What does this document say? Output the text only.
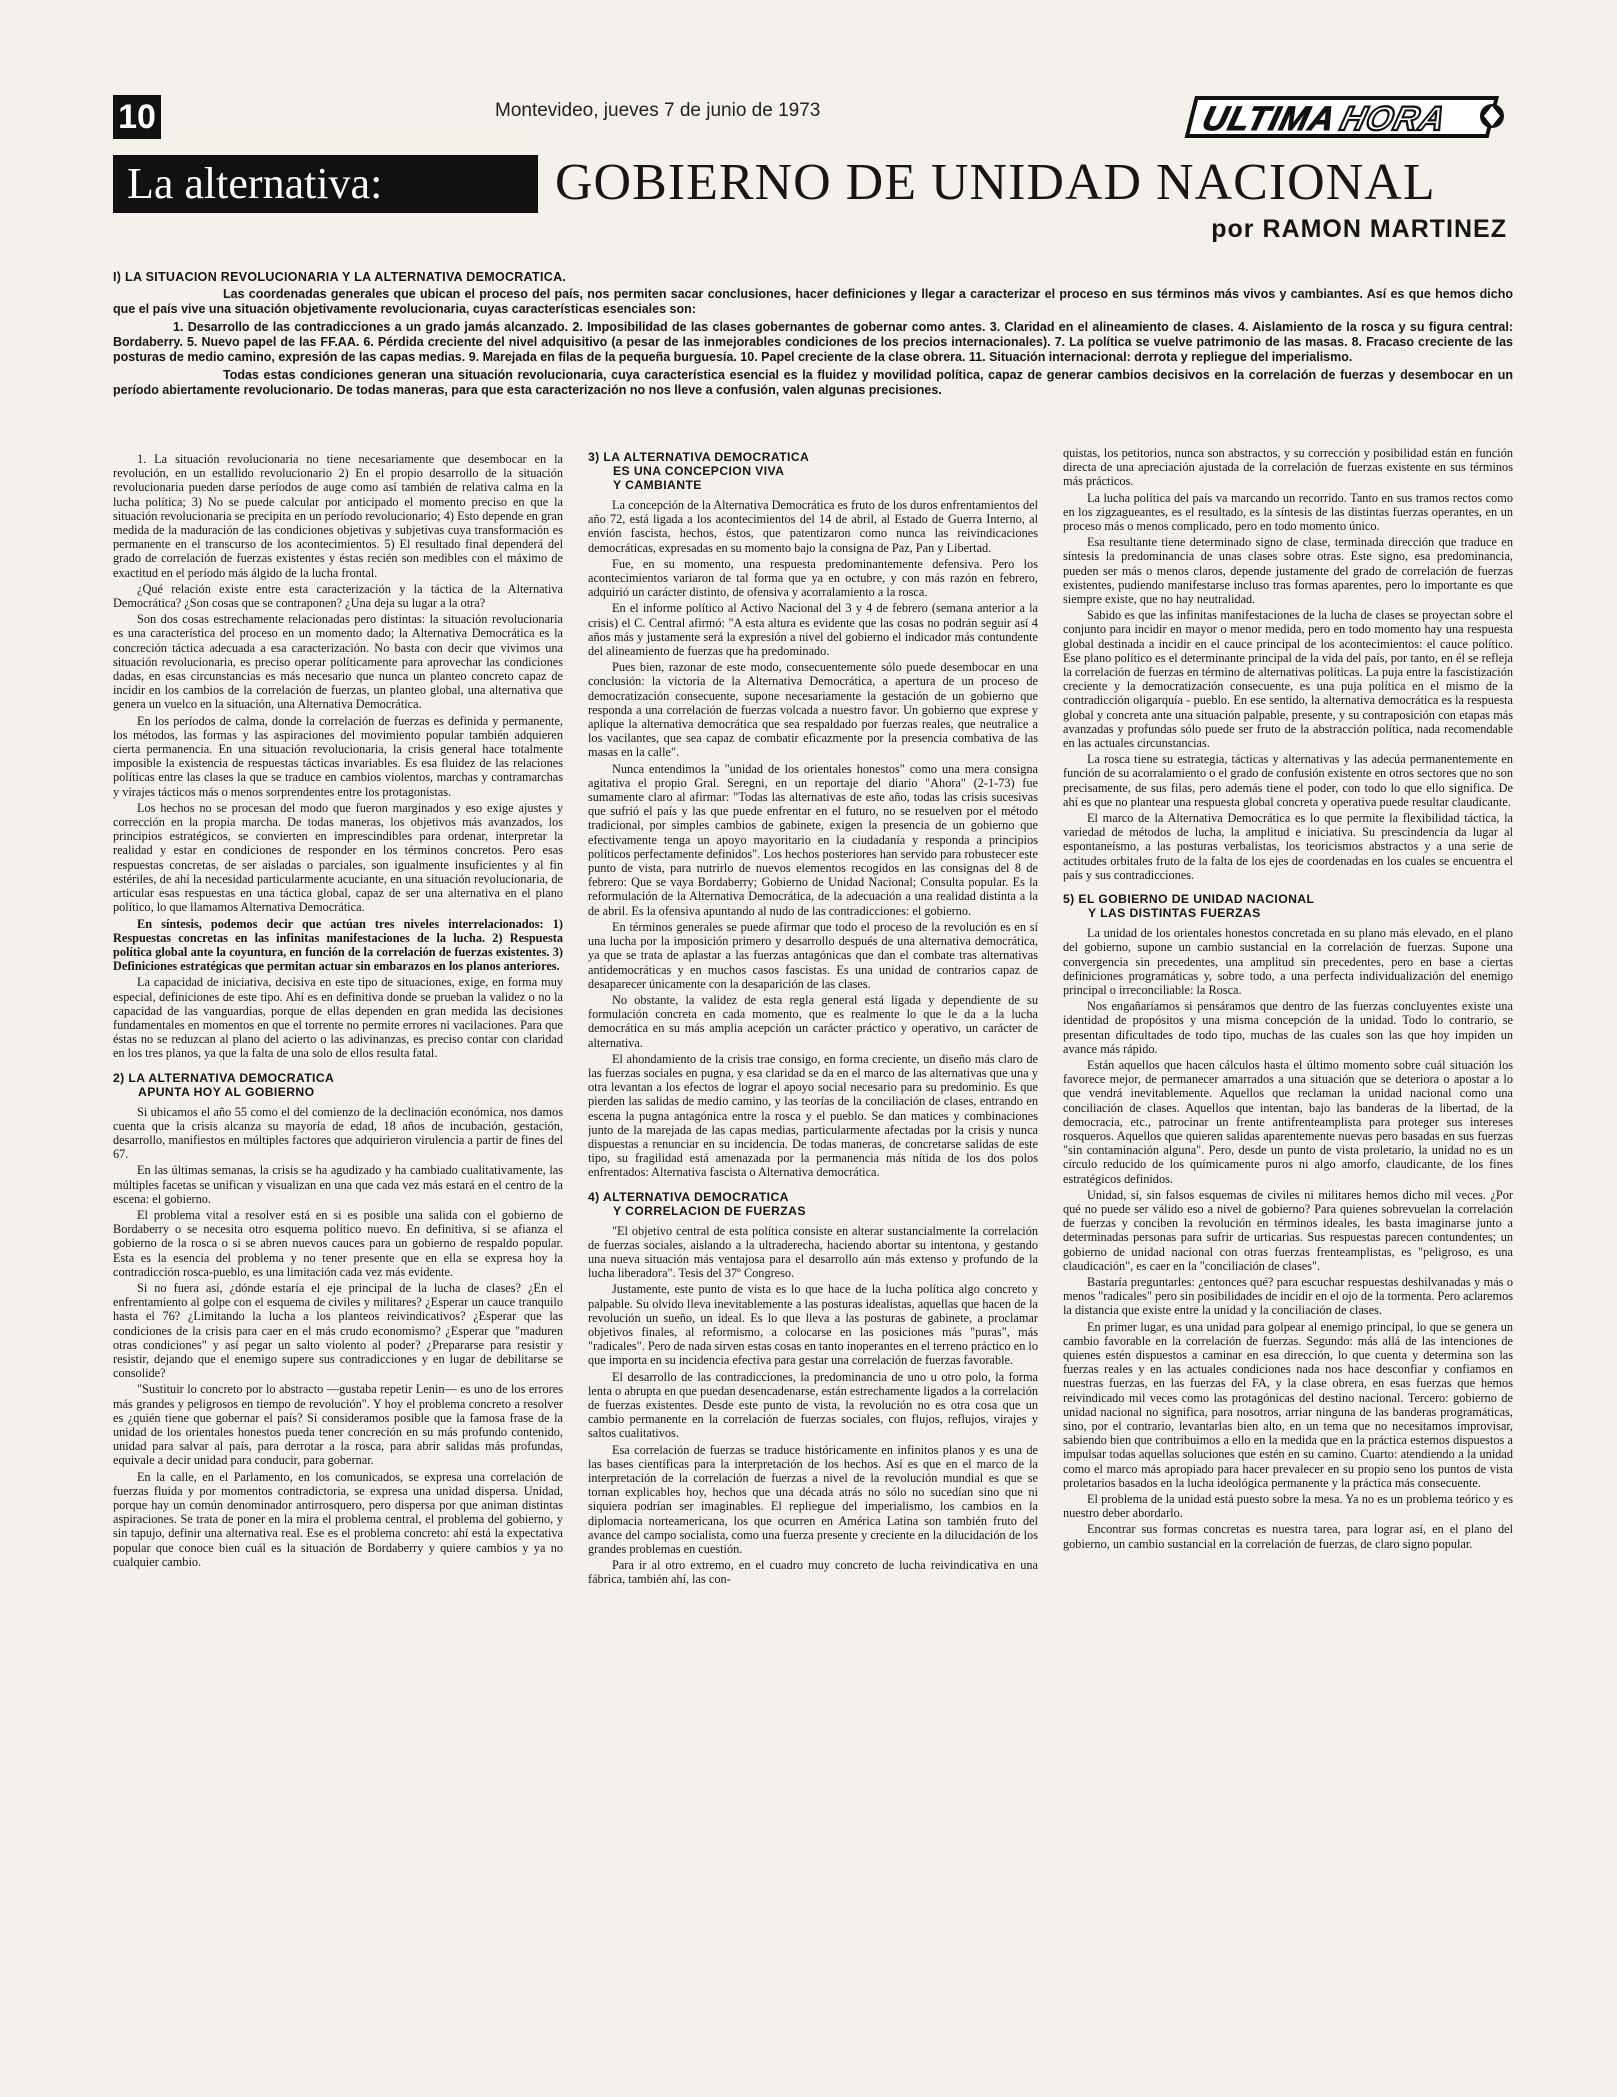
10	Montevideo, jueves 7 de junio de 1973	ULTIMA
HORA
La alternativa:	GOBIERNO DE UNIDAD NACIONAL
por RAMON MARTINEZ
I) LA SITUACION REVOLUCIONARIA Y LA ALTERNATIVA DEMOCRATICA.

Las coordenadas generales que ubican el proceso del país, nos permiten sacar conclusiones, hacer definiciones y llegar a caracterizar el proceso en sus términos más vivos y cambiantes. Así es que hemos dicho que el país vive una situación objetivamente revolucionaria, cuyas características esenciales son:

1. Desarrollo de las contradicciones a un grado jamás alcanzado. 2. Imposibilidad de las clases gobernantes de gobernar como antes. 3. Claridad en el alineamiento de clases. 4. Aislamiento de la rosca y su figura central: Bordaberry. 5. Nuevo papel de las FF.AA. 6. Pérdida creciente del nivel adquisitivo (a pesar de las inmejorables condiciones de los precios internacionales). 7. La política se vuelve patrimonio de las masas. 8. Fracaso creciente de las posturas de medio camino, expresión de las capas medias. 9. Marejada en filas de la pequeña burguesía. 10. Papel creciente de la clase obrera. 11. Situación internacional: derrota y repliegue del imperialismo.

Todas estas condiciones generan una situación revolucionaria, cuya característica esencial es la fluidez y movilidad política, capaz de generar cambios decisivos en la correlación de fuerzas y desembocar en un período abiertamente revolucionario. De todas maneras, para que esta caracterización no nos lleve a confusión, valen algunas precisiones.

1. La situación revolucionaria no tiene necesariamente que desembocar en la revolución, en un estallido revolucionario 2) En el propio desarrollo de la situación revolucionaria pueden darse períodos de auge como así también de relativa calma en la lucha política; 3) No se puede calcular por anticipado el momento preciso en que la situación revolucionaria se precipita en un período revolucionario; 4) Esto depende en gran medida de la maduración de las condiciones objetivas y subjetivas cuya transformación es permanente en el transcurso de los acontecimientos. 5) El resultado final dependerá del grado de correlación de fuerzas existentes y éstas recién son medibles con el máximo de exactitud en el período más álgido de la lucha frontal.

¿Qué relación existe entre esta caracterización y la táctica de la Alternativa Democrática? ¿Son cosas que se contraponen? ¿Una deja su lugar a la otra?

Son dos cosas estrechamente relacionadas pero distintas: la situación revolucionaria es una característica del proceso en un momento dado; la Alternativa Democrática es la concreción táctica adecuada a esa caracterización. No basta con decir que vivimos una situación revolucionaria, es preciso operar políticamente para aprovechar las condiciones dadas, en esas circunstancias es más necesario que nunca un planteo concreto capaz de incidir en los cambios de la correlación de fuerzas, un planteo global, una alternativa que genera un vuelco en la situación, una Alternativa Democrática.

En los períodos de calma, donde la correlación de fuerzas es definida y permanente, los métodos, las formas y las aspiraciones del movimiento popular también adquieren cierta permanencia. En una situación revolucionaria, la crisis general hace totalmente imposible la existencia de respuestas tácticas invariables. Es esa fluidez de las relaciones políticas entre las clases la que se traduce en cambios violentos, marchas y contramarchas y virajes tácticos más o menos sorprendentes entre los protagonistas.

Los hechos no se procesan del modo que fueron marginados y eso exige ajustes y corrección en la propia marcha. De todas maneras, los objetivos más avanzados, los principios estratégicos, se convierten en imprescindibles para ordenar, interpretar la realidad y estar en condiciones de responder en los términos concretos. Pero esas respuestas concretas, de ser aisladas o parciales, son igualmente insuficientes y al fin estériles, de ahí la necesidad particularmente acuciante, en una situación revolucionaria, de articular esas respuestas en una táctica global, capaz de ser una alternativa en el plano político, lo que llamamos Alternativa Democrática.

En síntesis, podemos decir que actúan tres niveles interrelacionados: 1) Respuestas concretas en las infinitas manifestaciones de la lucha. 2) Respuesta política global ante la coyuntura, en función de la correlación de fuerzas existentes. 3) Definiciones estratégicas que permitan actuar sin embarazos en los planos anteriores.

La capacidad de iniciativa, decisiva en este tipo de situaciones, exige, en forma muy especial, definiciones de este tipo. Ahí es en definitiva donde se prueban la validez o no la capacidad de las vanguardias, porque de ellas dependen en gran medida las decisiones fundamentales en momentos en que el torrente no permite errores ni vacilaciones. Para que éstas no se reduzcan al plano del acierto o las adivinanzas, es preciso contar con claridad en los tres planos, ya que la falta de una solo de ellos resulta fatal.

2) LA ALTERNATIVA DEMOCRATICA
APUNTA HOY AL GOBIERNO

Si ubicamos el año 55 como el del comienzo de la declinación económica, nos damos cuenta que la crisis alcanza su mayoría de edad, 18 años de incubación, gestación, desarrollo, manifiestos en múltiples factores que adquirieron virulencia a partir de fines del 67.

En las últimas semanas, la crisis se ha agudizado y ha cambiado cualitativamente, las múltiples facetas se unifican y visualizan en una que cada vez más estará en el centro de la escena: el gobierno.

El problema vital a resolver está en si es posible una salida con el gobierno de Bordaberry o se necesita otro esquema político nuevo. En definitiva, si se afianza el gobierno de la rosca o si se abren nuevos cauces para un gobierno de respaldo popular. Esta es la esencia del problema y no tener presente que en ella se expresa hoy la contradicción rosca-pueblo, es una limitación cada vez más evidente.

Si no fuera así, ¿dónde estaría el eje principal de la lucha de clases? ¿En el enfrentamiento al golpe con el esquema de civiles y militares? ¿Esperar un cauce tranquilo hasta el 76? ¿Limitando la lucha a los planteos reivindicativos? ¿Esperar que las condiciones de la crisis para caer en el más crudo economismo? ¿Esperar que "maduren otras condiciones" y así pegar un salto violento al poder? ¿Prepararse para resistir y resistir, dejando que el enemigo supere sus contradicciones y en lugar de debilitarse se consolide?

"Sustituir lo concreto por lo abstracto —gustaba repetir Lenin— es uno de los errores más grandes y peligrosos en tiempo de revolución". Y hoy el problema concreto a resolver es ¿quién tiene que gobernar el país? Si consideramos posible que la famosa frase de la unidad de los orientales honestos pueda tener concreción en su más profundo contenido, unidad para salvar al país, para derrotar a la rosca, para abrir salidas más profundas, equivale a decir unidad para conducir, para gobernar.

En la calle, en el Parlamento, en los comunicados, se expresa una correlación de fuerzas fluida y por momentos contradictoria, se expresa una unidad dispersa. Unidad, porque hay un común denominador antirrosquero, pero dispersa por que animan distintas aspiraciones. Se trata de poner en la mira el problema central, el problema del gobierno, y sin tapujo, definir una alternativa real. Ese es el problema concreto: ahí está la expectativa popular que conoce bien cuál es la situación de Bordaberry y quiere cambios y ya no cualquier cambio.

3) LA ALTERNATIVA DEMOCRATICA
ES UNA CONCEPCION VIVA
Y CAMBIANTE

La concepción de la Alternativa Democrática es fruto de los duros enfrentamientos del año 72, está ligada a los acontecimientos del 14 de abril, al Estado de Guerra Interno, al envión fascista, hechos, éstos, que patentizaron como nunca las reivindicaciones democráticas, expresadas en su momento bajo la consigna de Paz, Pan y Libertad.

Fue, en su momento, una respuesta predominantemente defensiva. Pero los acontecimientos variaron de tal forma que ya en octubre, y con más razón en febrero, adquirió un carácter distinto, de ofensiva y acorralamiento a la rosca.

En el informe político al Activo Nacional del 3 y 4 de febrero (semana anterior a la crisis) el C. Central afirmó: "A esta altura es evidente que las cosas no podrán seguir así 4 años más y justamente será la expresión a nivel del gobierno el indicador más contundente del alineamiento de fuerzas que ha predominado.

Pues bien, razonar de este modo, consecuentemente sólo puede desembocar en una conclusión: la victoria de la Alternativa Democrática, a apertura de un proceso de democratización consecuente, supone necesariamente la gestación de un gobierno que responda a una correlación de fuerzas volcada a nuestro favor. Un gobierno que exprese y aplique la alternativa democrática que sea respaldado por fuerzas reales, que neutralice a los vacilantes, que sea capaz de combatir eficazmente por la presencia combativa de las masas en la calle".

Nunca entendimos la "unidad de los orientales honestos" como una mera consigna agitativa el propio Gral. Seregni, en un reportaje del diario "Ahora" (2-1-73) fue sumamente claro al afirmar: "Todas las alternativas de este año, todas las crisis sucesivas que sufrió el país y las que puede enfrentar en el futuro, no se resuelven por el método tradicional, por simples cambios de gabinete, exigen la presencia de un gobierno que efectivamente tenga un apoyo mayoritario en la ciudadanía y responda a principios políticos perfectamente definidos". Los hechos posteriores han servido para robustecer este punto de vista, para nutrirlo de nuevos elementos recogidos en las consignas del 8 de febrero: Que se vaya Bordaberry; Gobierno de Unidad Nacional; Consulta popular. Es la reformulación de la Alternativa Democrática, de la adecuación a una realidad distinta a la de abril. Es la ofensiva apuntando al nudo de las contradicciones: el gobierno.

En términos generales se puede afirmar que todo el proceso de la revolución es en sí una lucha por la imposición primero y desarrollo después de una alternativa democrática, ya que se trata de aplastar a las fuerzas antagónicas que dan el combate tras alternativas antidemocráticas y en muchos casos fascistas. Es una unidad de contrarios capaz de desaparecer únicamente con la desaparición de las clases.

No obstante, la validez de esta regla general está ligada y dependiente de su formulación concreta en cada momento, que es realmente lo que le da a la lucha democrática en su más amplia acepción un carácter práctico y operativo, un carácter de alternativa.

El ahondamiento de la crisis trae consigo, en forma creciente, un diseño más claro de las fuerzas sociales en pugna, y esa claridad se da en el marco de las alternativas que una y otra levantan a los efectos de lograr el apoyo social necesario para su predominio. Es que pierden las salidas de medio camino, y las teorías de la conciliación de clases, entrando en escena la pugna antagónica entre la rosca y el pueblo. Se dan matices y combinaciones junto de la marejada de las capas medias, particularmente afectadas por la crisis y nunca dispuestas a renunciar en su incidencia. De todas maneras, de concretarse salidas de este tipo, su fragilidad está amenazada por la permanencia más nítida de los dos polos enfrentados: Alternativa fascista o Alternativa democrática.

4) ALTERNATIVA DEMOCRATICA
Y CORRELACION DE FUERZAS

"El objetivo central de esta política consiste en alterar sustancialmente la correlación de fuerzas sociales, aislando a la ultraderecha, haciendo abortar su intentona, y gestando una nueva situación más ventajosa para el desarrollo aún más extenso y profundo de la lucha liberadora". Tesis del 37º Congreso.

Justamente, este punto de vista es lo que hace de la lucha política algo concreto y palpable. Su olvido lleva inevitablemente a las posturas idealistas, aquellas que hacen de la revolución un sueño, un ideal. Es lo que lleva a las posturas de gabinete, a proclamar objetivos finales, al reformismo, a colocarse en las posiciones más "puras", más "radicales". Pero de nada sirven estas cosas en tanto inoperantes en el terreno práctico en lo que importa en su incidencia efectiva para gestar una correlación de fuerzas favorable.

El desarrollo de las contradicciones, la predominancia de uno u otro polo, la forma lenta o abrupta en que puedan desencadenarse, están estrechamente ligados a la correlación de fuerzas existentes. Desde este punto de vista, la revolución no es otra cosa que un cambio permanente en la correlación de fuerzas sociales, con flujos, reflujos, virajes y saltos cualitativos.

Esa correlación de fuerzas se traduce históricamente en infinitos planos y es una de las bases científicas para la interpretación de los hechos. Así es que en el marco de la interpretación de la correlación de fuerzas a nivel de la revolución mundial es que se tornan explicables hoy, hechos que una década atrás no sólo no sucedían sino que ni siquiera podrían ser imaginables. El repliegue del imperialismo, los cambios en la diplomacia norteamericana, los que ocurren en América Latina son también fruto del avance del campo socialista, como una fuerza presente y creciente en la dilucidación de los grandes problemas en cuestión.

Para ir al otro extremo, en el cuadro muy concreto de lucha reivindicativa en una fábrica, también ahí, las con-

quistas, los petitorios, nunca son abstractos, y su corrección y posibilidad están en función directa de una apreciación ajustada de la correlación de fuerzas existente en sus términos más prácticos.

La lucha política del país va marcando un recorrido. Tanto en sus tramos rectos como en los zigzagueantes, es el resultado, es la síntesis de las distintas fuerzas operantes, en un proceso más o menos complicado, pero en todo momento único.

Esa resultante tiene determinado signo de clase, terminada dirección que traduce en síntesis la predominancia de unas clases sobre otras. Este signo, esa predominancia, pueden ser más o menos claros, depende justamente del grado de correlación de fuerzas existentes, pudiendo manifestarse incluso tras formas aparentes, pero lo importante es que siempre existe, que no hay neutralidad.

Sabido es que las infinitas manifestaciones de la lucha de clases se proyectan sobre el conjunto para incidir en mayor o menor medida, pero en todo momento hay una respuesta global destinada a incidir en el cauce principal de los acontecimientos: el cauce político. Ese plano político es el determinante principal de la vida del país, por tanto, en él se refleja la correlación de fuerzas en término de alternativas políticas. La puja entre la fascistización creciente y la democratización consecuente, es una puja política en el mismo de la contradicción oligarquía - pueblo. En ese sentido, la alternativa democrática es la respuesta global y concreta ante una situación palpable, presente, y su contraposición con etapas más avanzadas y profundas sólo puede ser fruto de la abstracción política, nada recomendable en las actuales circunstancias.

La rosca tiene su estrategia, tácticas y alternativas y las adecúa permanentemente en función de su acorralamiento o el grado de confusión existente en otros sectores que no son precisamente, de sus filas, pero además tiene el poder, con todo lo que ello significa. De ahí es que no plantear una respuesta global concreta y operativa puede resultar claudicante.

El marco de la Alternativa Democrática es lo que permite la flexibilidad táctica, la variedad de métodos de lucha, la amplitud e iniciativa. Su prescindencia da lugar al espontaneísmo, a las posturas verbalistas, los teoricismos abstractos y a una serie de actitudes orbitales fruto de la falta de los ejes de coordenadas en los cuales se encuentra el país y sus contradicciones.

5) EL GOBIERNO DE UNIDAD NACIONAL
Y LAS DISTINTAS FUERZAS

La unidad de los orientales honestos concretada en su plano más elevado, en el plano del gobierno, supone un cambio sustancial en la correlación de fuerzas. Supone una convergencia sin precedentes, una amplitud sin precedentes, pero en base a ciertas definiciones programáticas y, sobre todo, a una perfecta individualización del enemigo principal o irreconciliable: la Rosca.

Nos engañaríamos si pensáramos que dentro de las fuerzas concluyentes existe una identidad de propósitos y una misma concepción de la unidad. Todo lo contrario, se presentan dificultades de todo tipo, muchas de las cuales son las que hoy impiden un avance más rápido.

Están aquellos que hacen cálculos hasta el último momento sobre cuál situación los favorece mejor, de permanecer amarrados a una situación que se deteriora o apostar a lo que vendrá inevitablemente. Aquellos que reclaman la unidad nacional como una conciliación de clases. Aquellos que intentan, bajo las banderas de la libertad, de la democracia, etc., patrocinar un frente antifrenteamplista para proteger sus intereses rosqueros. Aquellos que quieren salidas aparentemente nuevas pero basadas en sus fuerzas "sin contaminación alguna". Pero, desde un punto de vista proletario, la unidad no es un círculo reducido de los químicamente puros ni algo amorfo, claudicante, de los fines estratégicos definidos.

Unidad, sí, sin falsos esquemas de civiles ni militares hemos dicho mil veces. ¿Por qué no puede ser válido eso a nivel de gobierno? Para quienes sobrevuelan la correlación de fuerzas y conciben la revolución en términos ideales, les basta imaginarse junto a determinadas personas para sufrir de urticarias. Sus respuestas parecen contundentes; un gobierno de unidad nacional con otras fuerzas frenteamplistas, es "peligroso, es una claudicación", es caer en la "conciliación de clases".

Bastaría preguntarles: ¿entonces qué? para escuchar respuestas deshilvanadas y más o menos "radicales" pero sin posibilidades de incidir en el ojo de la tormenta. Pero aclaremos la distancia que existe entre la unidad y la conciliación de clases.

En primer lugar, es una unidad para golpear al enemigo principal, lo que se genera un cambio favorable en la correlación de fuerzas. Segundo: más allá de las intenciones de quienes estén dispuestos a caminar en esa dirección, lo que cuenta y determina son las fuerzas reales y en las actuales condiciones nada nos hace desconfiar y confiamos en nuestras fuerzas, en las fuerzas del FA, y la clase obrera, en esas fuerzas que hemos reivindicado mil veces como las protagónicas del destino nacional. Tercero: gobierno de unidad nacional no significa, para nosotros, arriar ninguna de las banderas programáticas, sino, por el contrario, levantarlas bien alto, en un tema que no necesitamos improvisar, sabiendo bien que contribuimos a ello en la medida que en la práctica estemos dispuestos a impulsar todas aquellas soluciones que estén en su camino. Cuarto: atendiendo a la unidad como el marco más apropiado para hacer prevalecer en su propio seno los puntos de vista proletarios basados en la lucha ideológica permanente y la práctica más consecuente.

El problema de la unidad está puesto sobre la mesa. Ya no es un problema teórico y es nuestro deber abordarlo.

Encontrar sus formas concretas es nuestra tarea, para lograr así, en el plano del gobierno, un cambio sustancial en la correlación de fuerzas, de claro signo popular.
